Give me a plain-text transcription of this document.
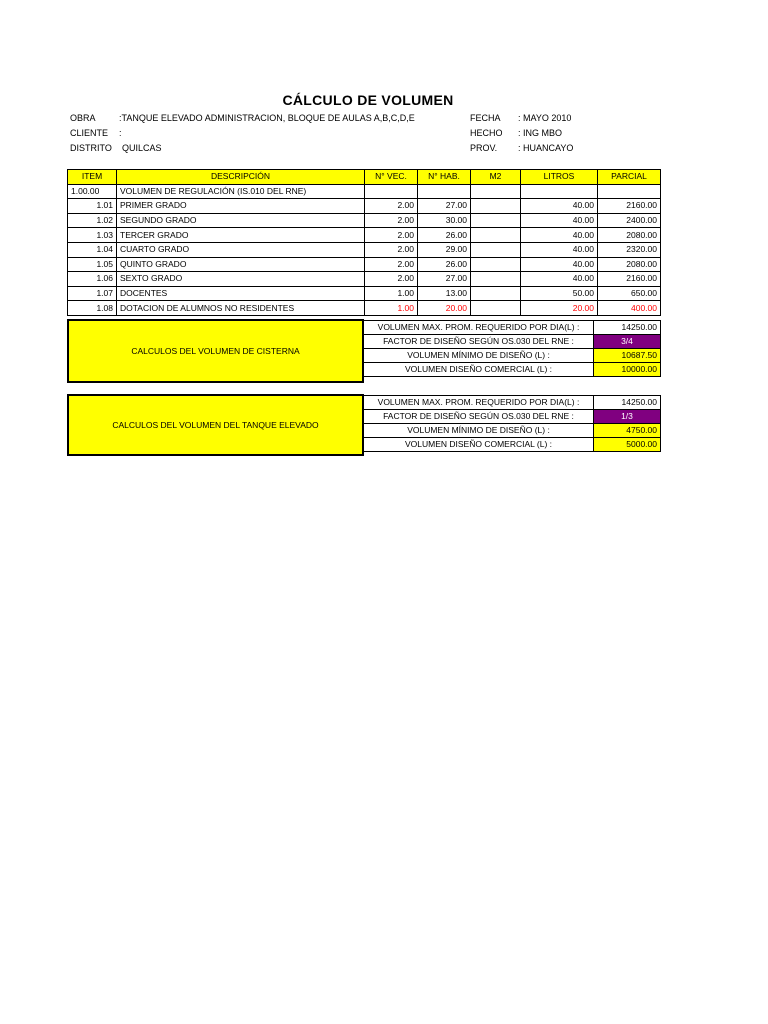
CÁLCULO DE VOLUMEN
OBRA	:TANQUE ELEVADO ADMINISTRACION, BLOQUE DE AULAS A,B,C,D,E
CLIENTE :
DISTRITO QUILCAS
FECHA : MAYO 2010
HECHO : ING MBO
PROV. : HUANCAYO
ITEM	DESCRIPCIÓN	N° VEC.	N° HAB.	M2	LITROS	PARCIAL
1.00.00	VOLUMEN DE REGULACIÓN (IS.010 DEL RNE)					
1.01	PRIMER GRADO	2.00	27.00		40.00	2160.00
1.02	SEGUNDO GRADO	2.00	30.00		40.00	2400.00
1.03	TERCER GRADO	2.00	26.00		40.00	2080.00
1.04	CUARTO GRADO	2.00	29.00		40.00	2320.00
1.05	QUINTO GRADO	2.00	26.00		40.00	2080.00
1.06	SEXTO GRADO	2.00	27.00		40.00	2160.00
1.07	DOCENTES	1.00	13.00		50.00	650.00
1.08	DOTACION DE ALUMNOS NO RESIDENTES	1.00	20.00		20.00	400.00
CALCULOS DEL VOLUMEN DE CISTERNA
VOLUMEN MAX. PROM. REQUERIDO POR DIA(L) :	14250.00
FACTOR DE DISEÑO SEGÚN OS.030 DEL RNE :	3/4
VOLUMEN MÍNIMO DE DISEÑO (L) :	10687.50
VOLUMEN DISEÑO COMERCIAL (L) :	10000.00
CALCULOS DEL VOLUMEN DEL TANQUE ELEVADO
VOLUMEN MAX. PROM. REQUERIDO POR DIA(L) :	14250.00
FACTOR DE DISEÑO SEGÚN OS.030 DEL RNE :	1/3
VOLUMEN MÍNIMO DE DISEÑO (L) :	4750.00
VOLUMEN DISEÑO COMERCIAL (L) :	5000.00
